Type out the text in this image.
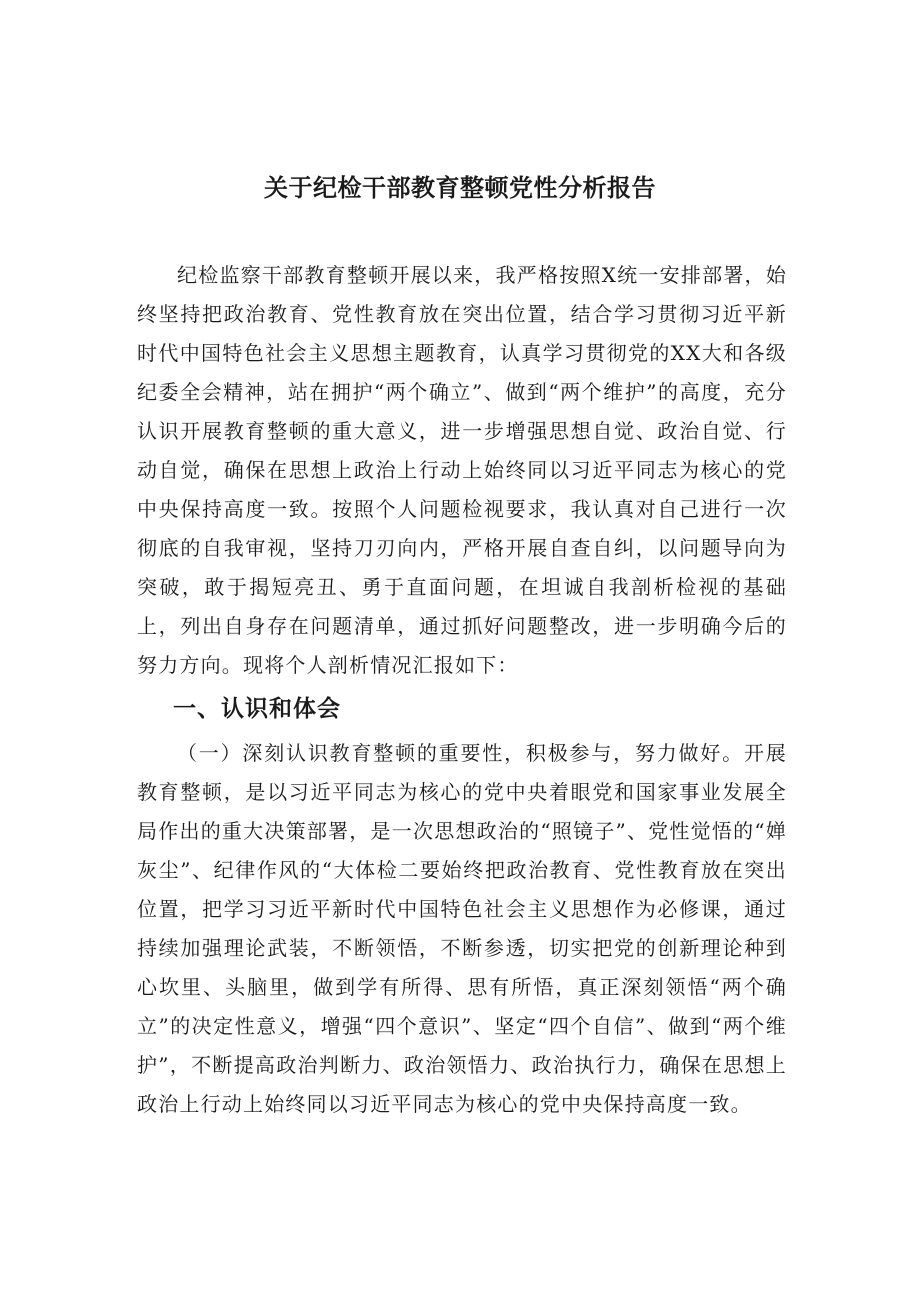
关于纪检干部教育整顿党性分析报告

纪检监察干部教育整顿开展以来，我严格按照X统一安排部署，始终坚持把政治教育、党性教育放在突出位置，结合学习贯彻习近平新时代中国特色社会主义思想主题教育，认真学习贯彻党的XX大和各级纪委全会精神，站在拥护“两个确立”、做到“两个维护”的高度，充分认识开展教育整顿的重大意义，进一步增强思想自觉、政治自觉、行动自觉，确保在思想上政治上行动上始终同以习近平同志为核心的党中央保持高度一致。按照个人问题检视要求，我认真对自己进行一次彻底的自我审视，坚持刀刃向内，严格开展自查自纠，以问题导向为突破，敢于揭短亮丑、勇于直面问题，在坦诚自我剖析检视的基础上，列出自身存在问题清单，通过抓好问题整改，进一步明确今后的努力方向。现将个人剖析情况汇报如下：

一、认识和体会

（一）深刻认识教育整顿的重要性，积极参与，努力做好。开展教育整顿，是以习近平同志为核心的党中央着眼党和国家事业发展全局作出的重大决策部署，是一次思想政治的“照镜子”、党性觉悟的“婵灰尘”、纪律作风的“大体检二要始终把政治教育、党性教育放在突出位置，把学习习近平新时代中国特色社会主义思想作为必修课，通过持续加强理论武装，不断领悟，不断参透，切实把党的创新理论种到心坎里、头脑里，做到学有所得、思有所悟，真正深刻领悟“两个确立”的决定性意义，增强“四个意识”、坚定“四个自信”、做到“两个维护”，不断提高政治判断力、政治领悟力、政治执行力，确保在思想上政治上行动上始终同以习近平同志为核心的党中央保持高度一致。
